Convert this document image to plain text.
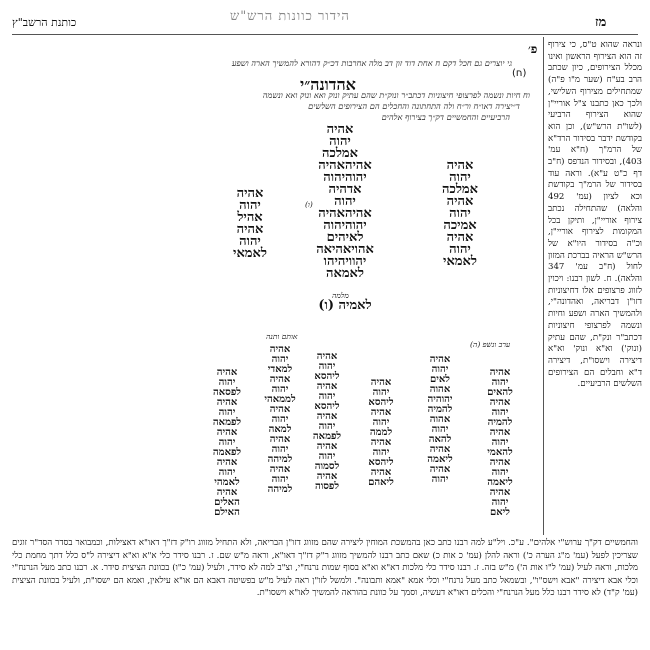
כותנת הרשב"ץ	הידור כוונות הרש"ש	מז
ונראה שהוא ט"ס, כי צירוף זה הוא הצירוף הראשון ואינו מכלל הצירופים, כיון שכתב הרב בע"ח (שער מ"ו פ"ה) שמתחילים מצירוף השלישי, ולכך כאן כתבנו צ"ל אוריי"ן שהוא הצירוף הרביעי (לשו"ת הרש"ש), וכן הוא בקודשת ידבר בסידור הרד"א של הרמ"ך (ח"א עמ' 403), ובסידור הנדפס (ח"ב דף כ"ט ע"א). וראה עוד בסידור של הרמ"ך בקודשת וכא לציון (עמ' 492 והלאה) שהתחילה נכתב צירוף אוריי"ן, ותיקן בכל המקומות לצירוף אוריי"ן, וכ"ה בסידור היו"א של הרש"ש הראיה בברכת המזון לחול (ח"ב עמ' 347 והלאה). ח. לשון רבנו: ויכוין לזווג פרצופים אלו דחיצוניות דזו"ן דבריאה, ואהדונה"י, ולהמשיך הארה ושפע וחיות ונשמה לפרצופי חיצוניות דכתב"ר ונק"ת, שהם עתיק (ונוק') וא"א ונוק' וא"א דיצירה וישסו"ת, דיצירה ד"א וחבלים הם הצירופים השלשים הרביעיים.
פ׳
(ח)
גי יוצרים גם חכל דקם ח אחת דוד זון דב מלה אחרבות דכ״ק דהורא להמשיך הארה ושפע
וח חיות ונשמה לפרצופי חיצוניות דכתב״ר ונוק״ת שהם עתיק ונוק ואא ונוק ואא ונשמה
ד״יצירה דאו״ח ור״ח ולה התחתונה והחכלים הם הצירופים השלשים
הרביעיים והחמשיים דק״ך בצירוף אלהים
אהדונה״י
אהיה
יהוה
אמלכה
אהיה
יהוה
אמלכה
אהיה
יהוה
אמיכה
אהיה
יהוה
לאמאי
אהיהאהיה
יהוהיהוה
אדהיה
יהוה
אהיהאהיה
יהוהיהוה
לאיהים
אהויאהיאה
יהוויהיהו
לאמאה
(ו)
מלמה
לאמיה (ו)
אהיה
יהוה
אהיל
אהיה
יהוה
לאמאי
ערב ונשפ (ה)
אותם ותנה
אהיה
יהוה
להאים
אהיה
יהוה
להמיה
אהיה
יהוה
להאמי
אהיה
יהוה
ליאמה
אהיה
יהוה
ליאם
אהיה
יהוה
לאים
אהוה
יהוהיה
להמיה
אהוה
יהוה
להאה
אהיה
ליאמה
אהיה
יהוה
אהיה
יהוה
ליהסא
אהיה
יהוה
לממה
אהיה
יהוה
ליהסא
אהיה
ליאהם
אהיה
יהוה
ליהסא
אהיה
יהוה
ליהסא
אהיה
יהוה
לפמאה
אהיה
יהוה
לסמוה
אהיה
לפסוה
אהיה
יהוה
למאדי
אהיה
יהוה
לממאהי
אהיה
יהוה
למאה
אהיה
יהוה
למיהה
אהיה
יהוה
למיהה
אהיה
יהוה
לפסאה
אהיה
יהוה
לפמאה
אהיה
יהוה
לפאמה
אהיה
יהוה
לאמהי
אהיה
האלים
האילם
והחמשיים דק"ך ערוש"י אלהים". ע"כ. ויל"ע למה רבנו כתב כאן בהמשכת המוחין ליצירה שהם מזווג דזו"ן הבריאה, ולא התחיל מזווג רו"ק דז"ך דאו"א דאצילות, וכמבואר בסדר הסד"ר זוגים שצריכין לפעל (עמ' מ"ג הערה כ') וראה להלן (עמ' כ אות כ) שאם כתב רבנו להמשיך מזווג ר"ק דז"ך דאו"א, וראה מ"ש שם. ז. רבנו סידר כלי א"א וא"א דיצירה ל"ס כלל דתך מחמת כלי מלכות, וראה לעיל (עמ' ל"ו אות ה') מ"ש בזה. ז. רבנו סידר כלי מלכות דא"א וא"א בסוף שמות נרנח"י, וצ"ב למה לא סידר, ולעיל (עמ' כ"ו) בכוונת הציצית סידר. א. רבנו כתב מעל הנרנח"י וכלי אבא דיצירה "אבא וישס"ו", ובשמאל כתב מעל נרנח"י וכלי אמא "אמא ותבונה". ולמשל לזו"ן ראה לעיל מ"ש בפשיטה דאבא הם או"א עילאין, ואמא הם ישסו"ת, ולעיל בכוונת הציצית (עמ' ק"ד) לא סידר רבנו כלל מעל הנרנח"י והכלים דאו"א דעשיה, וסמך על כוונת בהוראה להמשיך לאו"א וישסו"ת.
